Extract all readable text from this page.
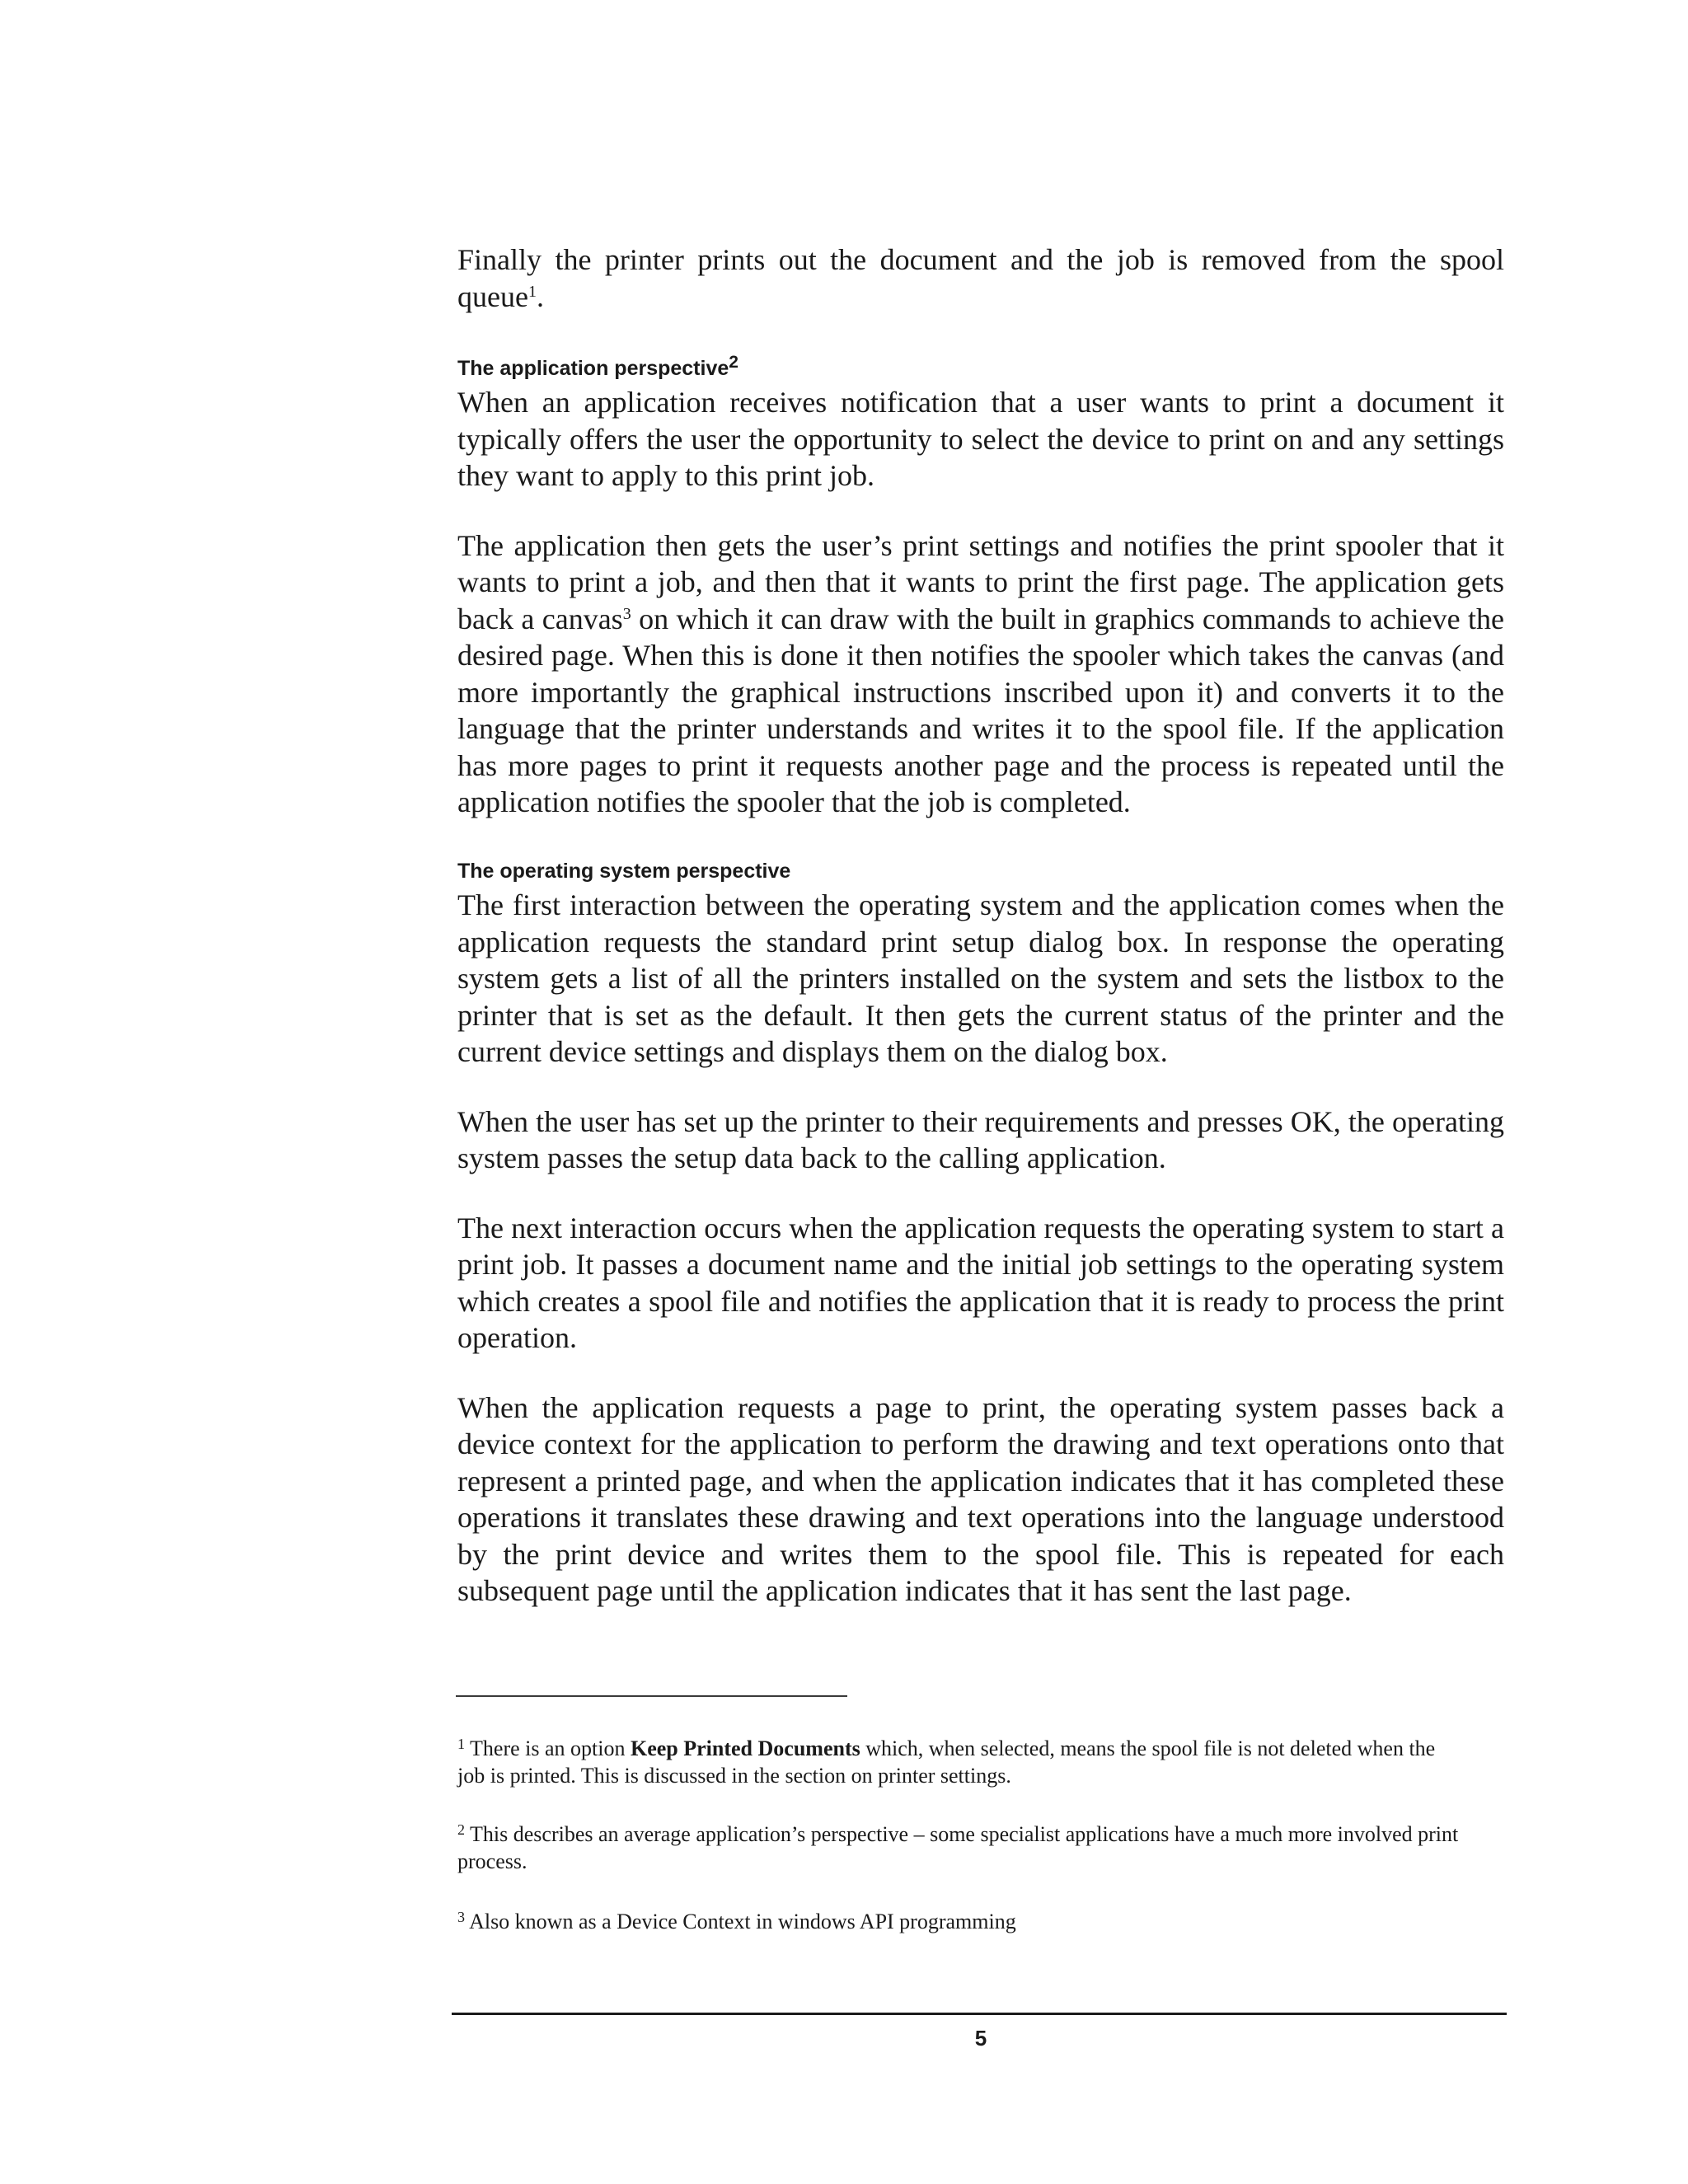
Finally the printer prints out the document and the job is removed from the spool queue$^1$.

The application perspective$^2$

When an application receives notification that a user wants to print a document it typically offers the user the opportunity to select the device to print on and any settings they want to apply to this print job.

The application then gets the user’s print settings and notifies the print spooler that it wants to print a job, and then that it wants to print the first page. The application gets back a canvas$^3$ on which it can draw with the built in graphics commands to achieve the desired page. When this is done it then notifies the spooler which takes the canvas (and more importantly the graphical instructions inscribed upon it) and converts it to the language that the printer understands and writes it to the spool file. If the application has more pages to print it requests another page and the process is repeated until the application notifies the spooler that the job is completed.

The operating system perspective

The first interaction between the operating system and the application comes when the application requests the standard print setup dialog box. In response the operating system gets a list of all the printers installed on the system and sets the listbox to the printer that is set as the default. It then gets the current status of the printer and the current device settings and displays them on the dialog box.

When the user has set up the printer to their requirements and presses OK, the operating system passes the setup data back to the calling application.

The next interaction occurs when the application requests the operating system to start a print job. It passes a document name and the initial job settings to the operating system which creates a spool file and notifies the application that it is ready to process the print operation.

When the application requests a page to print, the operating system passes back a device context for the application to perform the drawing and text operations onto that represent a printed page, and when the application indicates that it has completed these operations it translates these drawing and text operations into the language understood by the print device and writes them to the spool file. This is repeated for each subsequent page until the application indicates that it has sent the last page.

$^1$ There is an option Keep Printed Documents which, when selected, means the spool file is not deleted when the job is printed. This is discussed in the section on printer settings.

$^2$ This describes an average application’s perspective – some specialist applications have a much more involved print process.

$^3$ Also known as a Device Context in windows API programming

5
